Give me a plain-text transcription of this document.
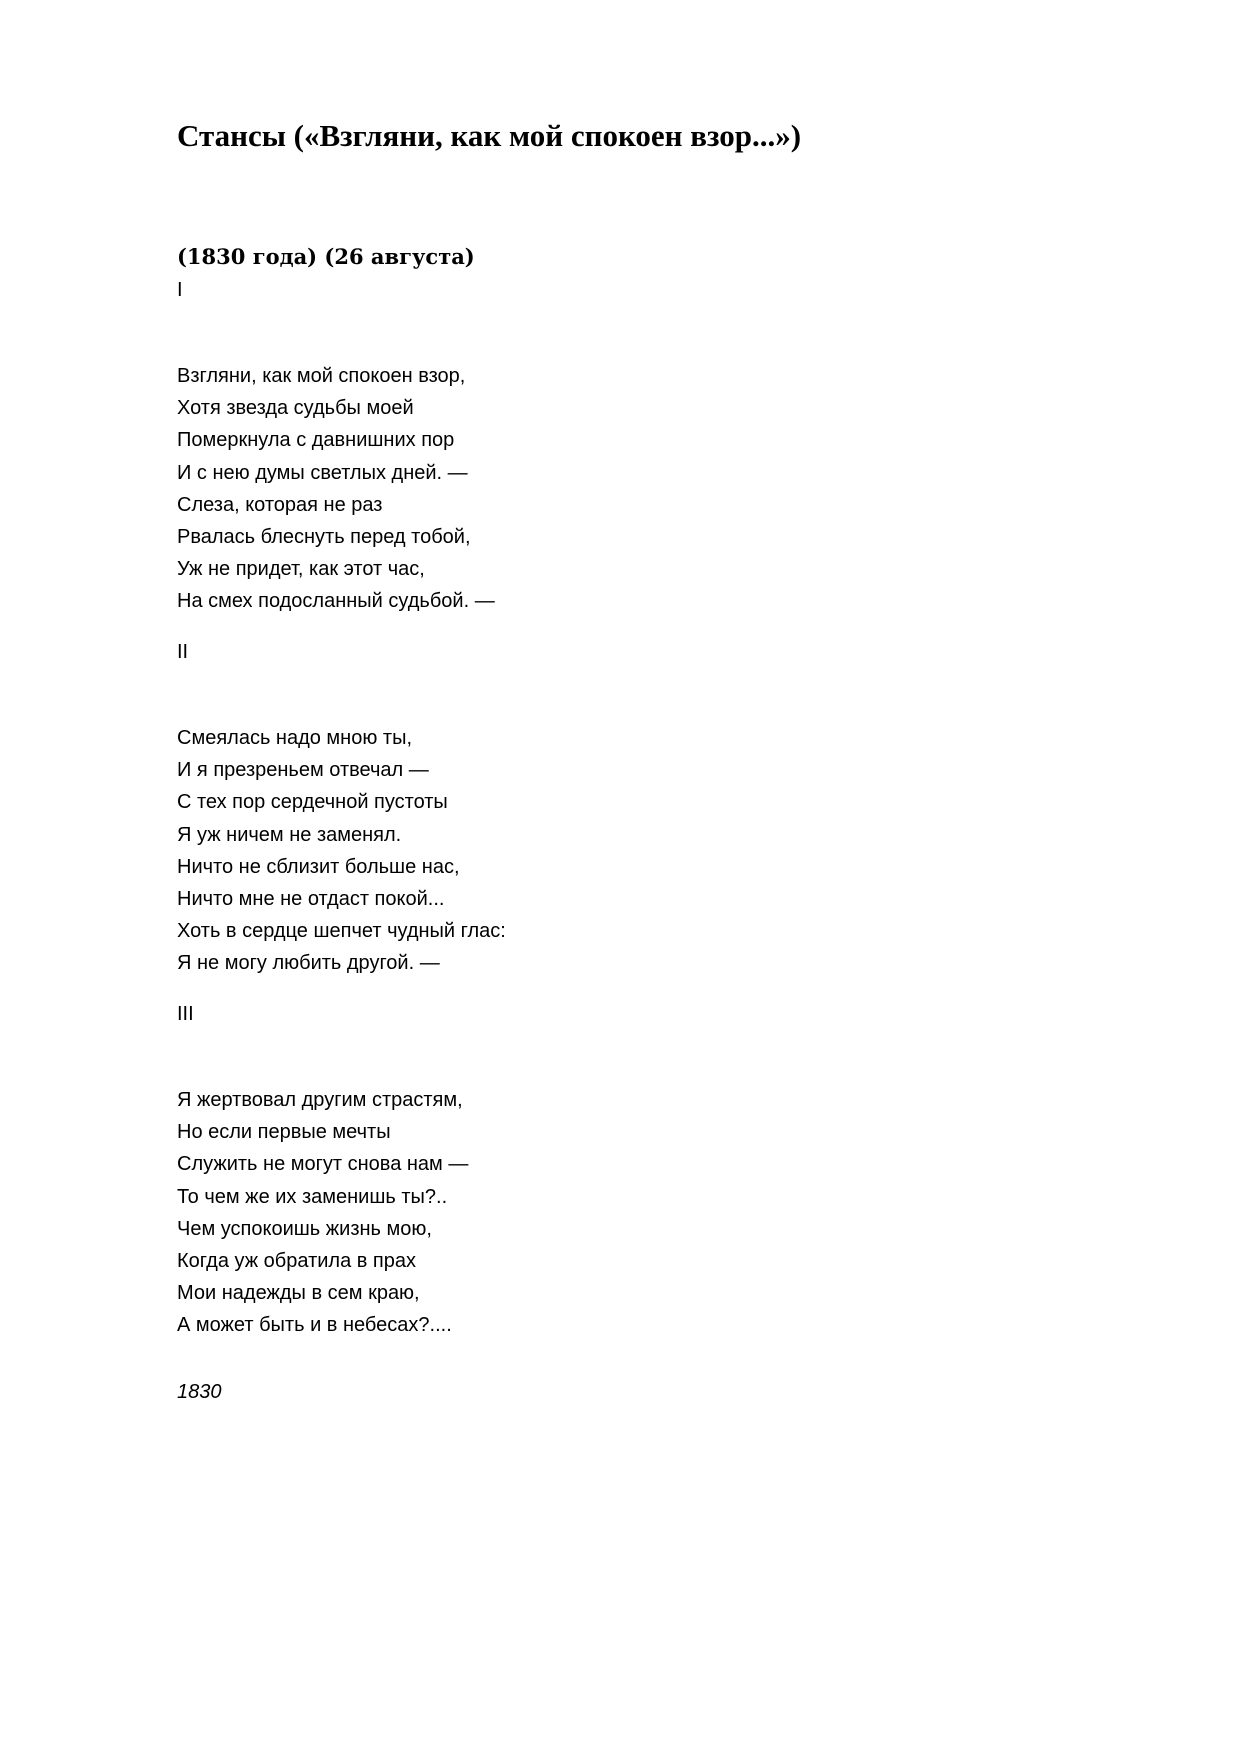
Стансы («Взгляни, как мой спокоен взор...»)
(1830 года) (26 августа)

I

Взгляни, как мой спокоен взор,
Хотя звезда судьбы моей
Померкнула с давнишних пор
И с нею думы светлых дней. —
Слеза, которая не раз
Рвалась блеснуть перед тобой,
Уж не придет, как этот час,
На смех подосланный судьбой. —

II

Смеялась надо мною ты,
И я презреньем отвечал —
С тех пор сердечной пустоты
Я уж ничем не заменял.
Ничто не сблизит больше нас,
Ничто мне не отдаст покой...
Хоть в сердце шепчет чудный глас:
Я не могу любить другой. —

III

Я жертвовал другим страстям,
Но если первые мечты
Служить не могут снова нам —
То чем же их заменишь ты?..
Чем успокоишь жизнь мою,
Когда уж обратила в прах
Мои надежды в сем краю,
А может быть и в небесах?....

1830
